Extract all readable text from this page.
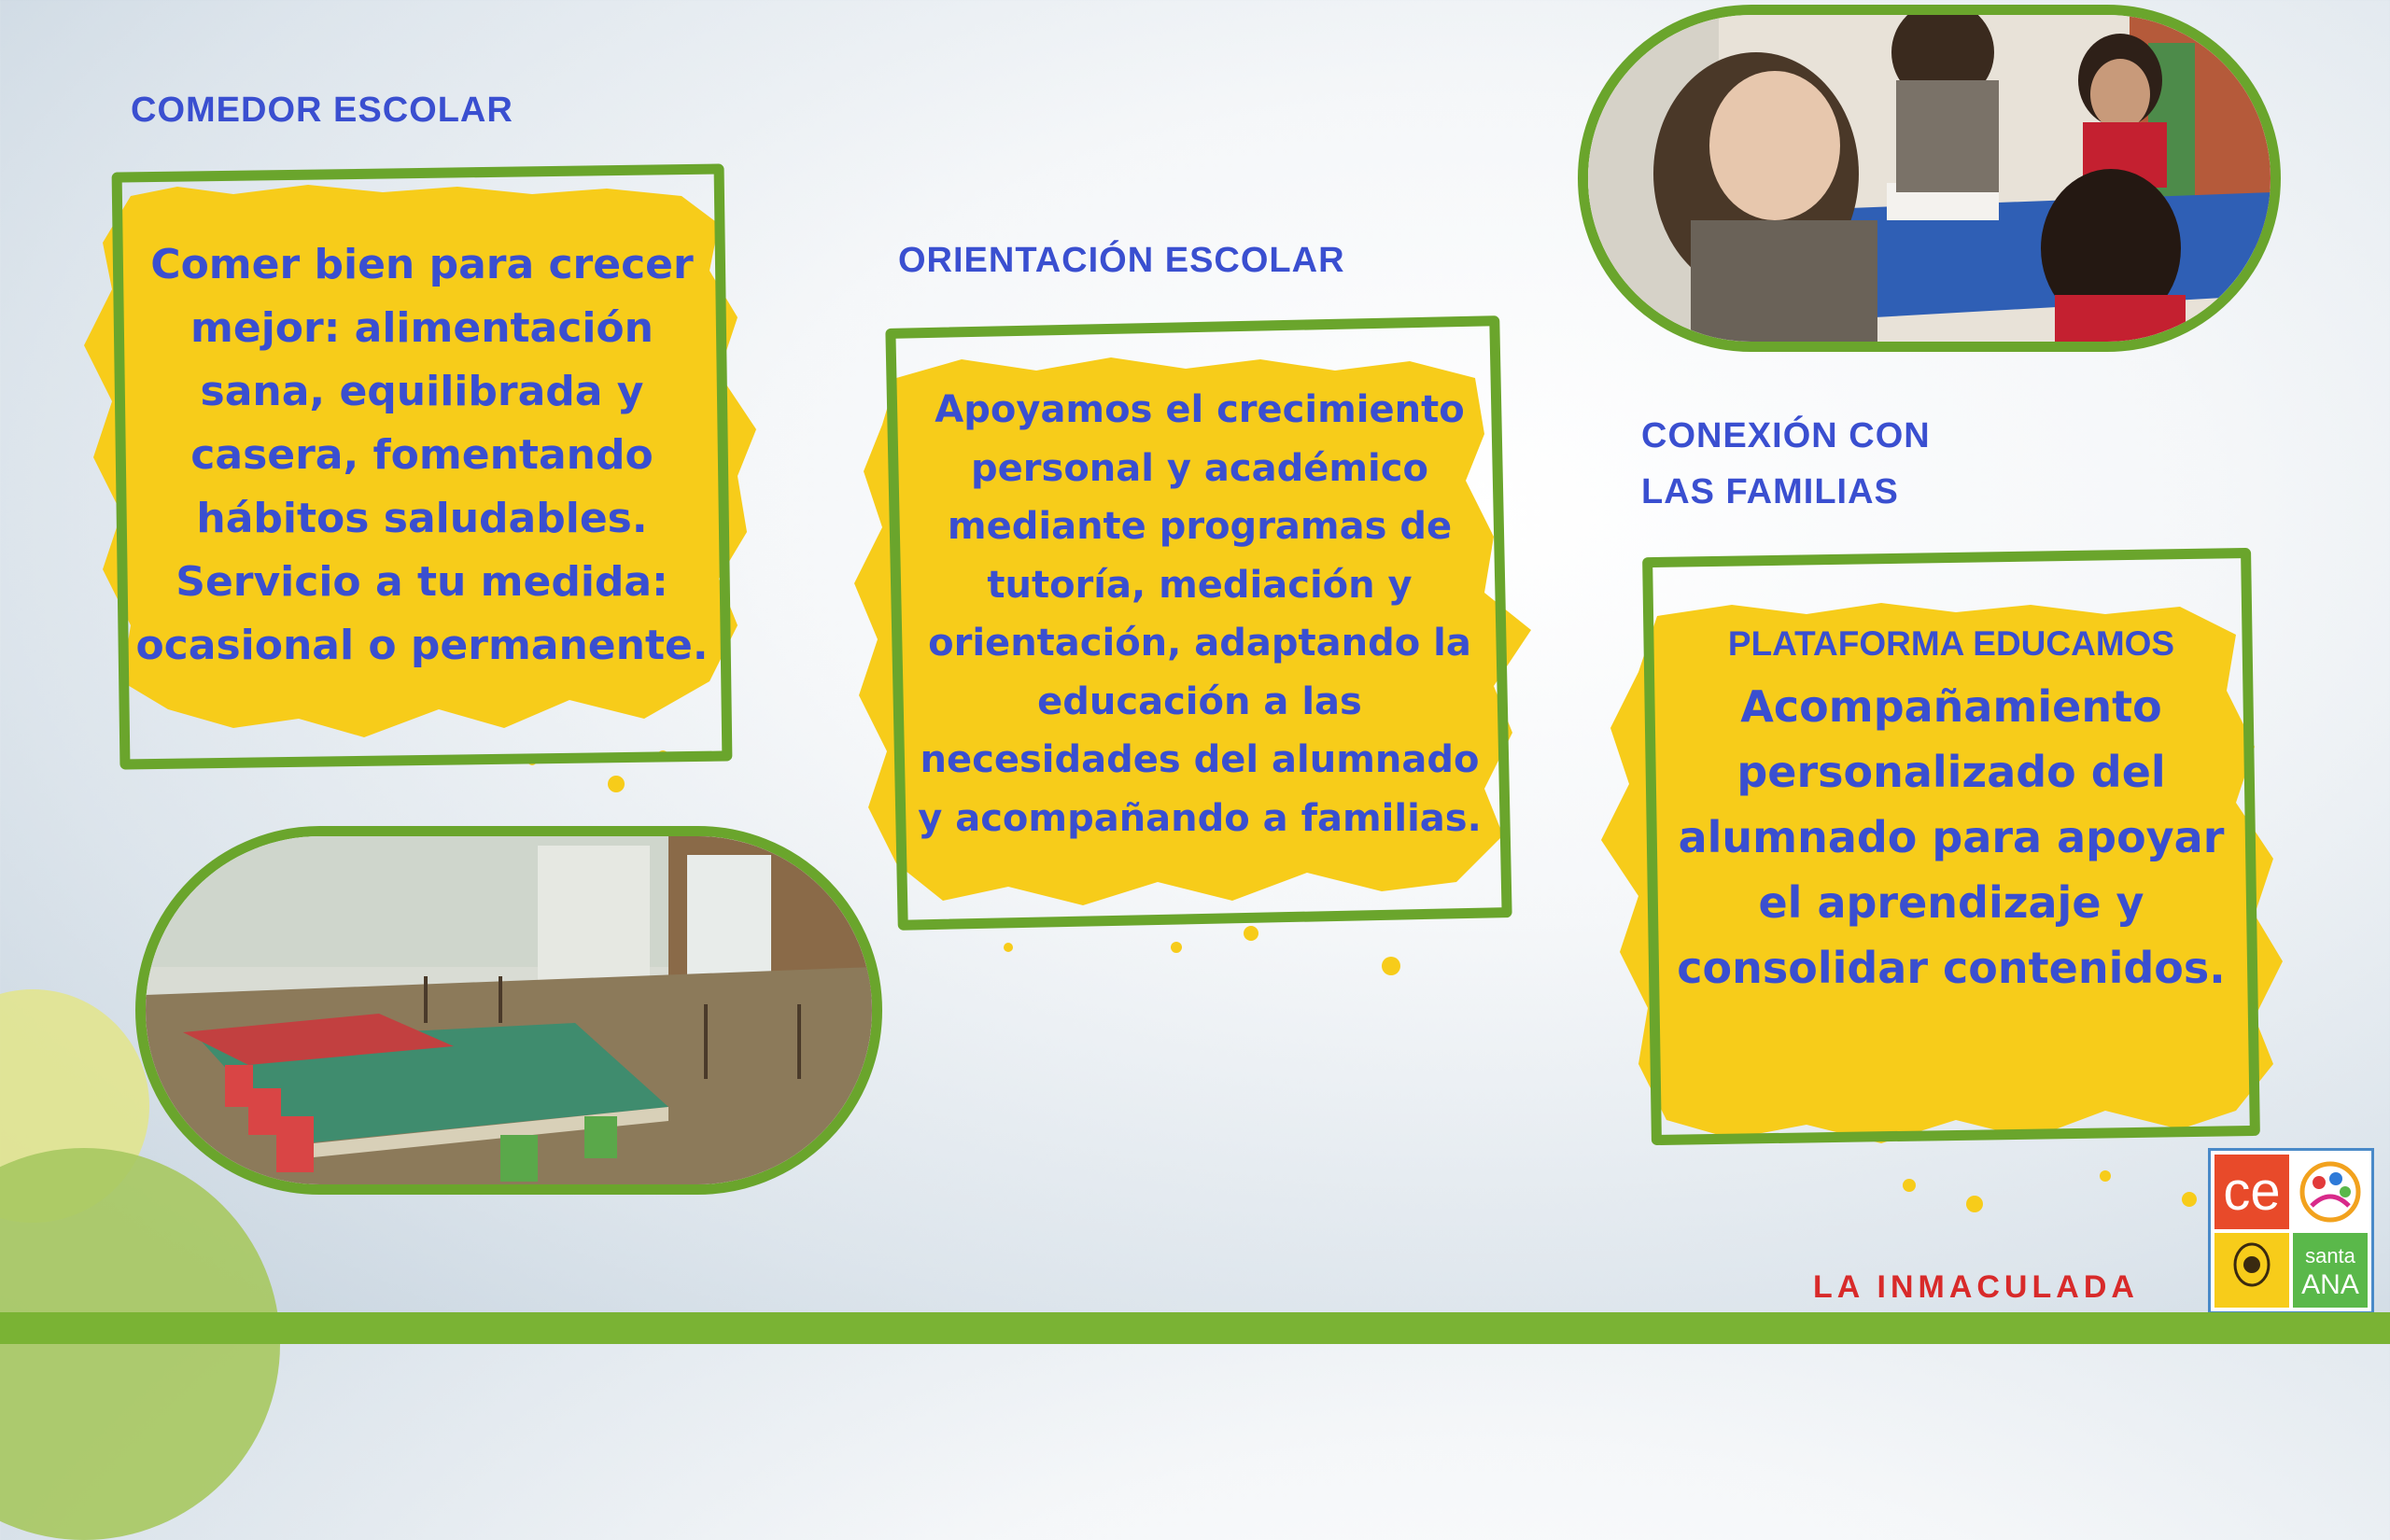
COMEDOR ESCOLAR
Comer bien para crecer
mejor: alimentación
sana, equilibrada y
casera, fomentando
hábitos saludables.
Servicio a tu medida:
ocasional o permanente.
ORIENTACIÓN ESCOLAR
Apoyamos el crecimiento
personal y académico
mediante programas de
tutoría, mediación y
orientación, adaptando la
educación a las
necesidades del alumnado
y acompañando a familias.
CONEXIÓN CON
LAS FAMILIAS
PLATAFORMA EDUCAMOS
Acompañamiento
personalizado del
alumnado para apoyar
el aprendizaje y
consolidar contenidos.
LA INMACULADA
ce
santa
ANA
